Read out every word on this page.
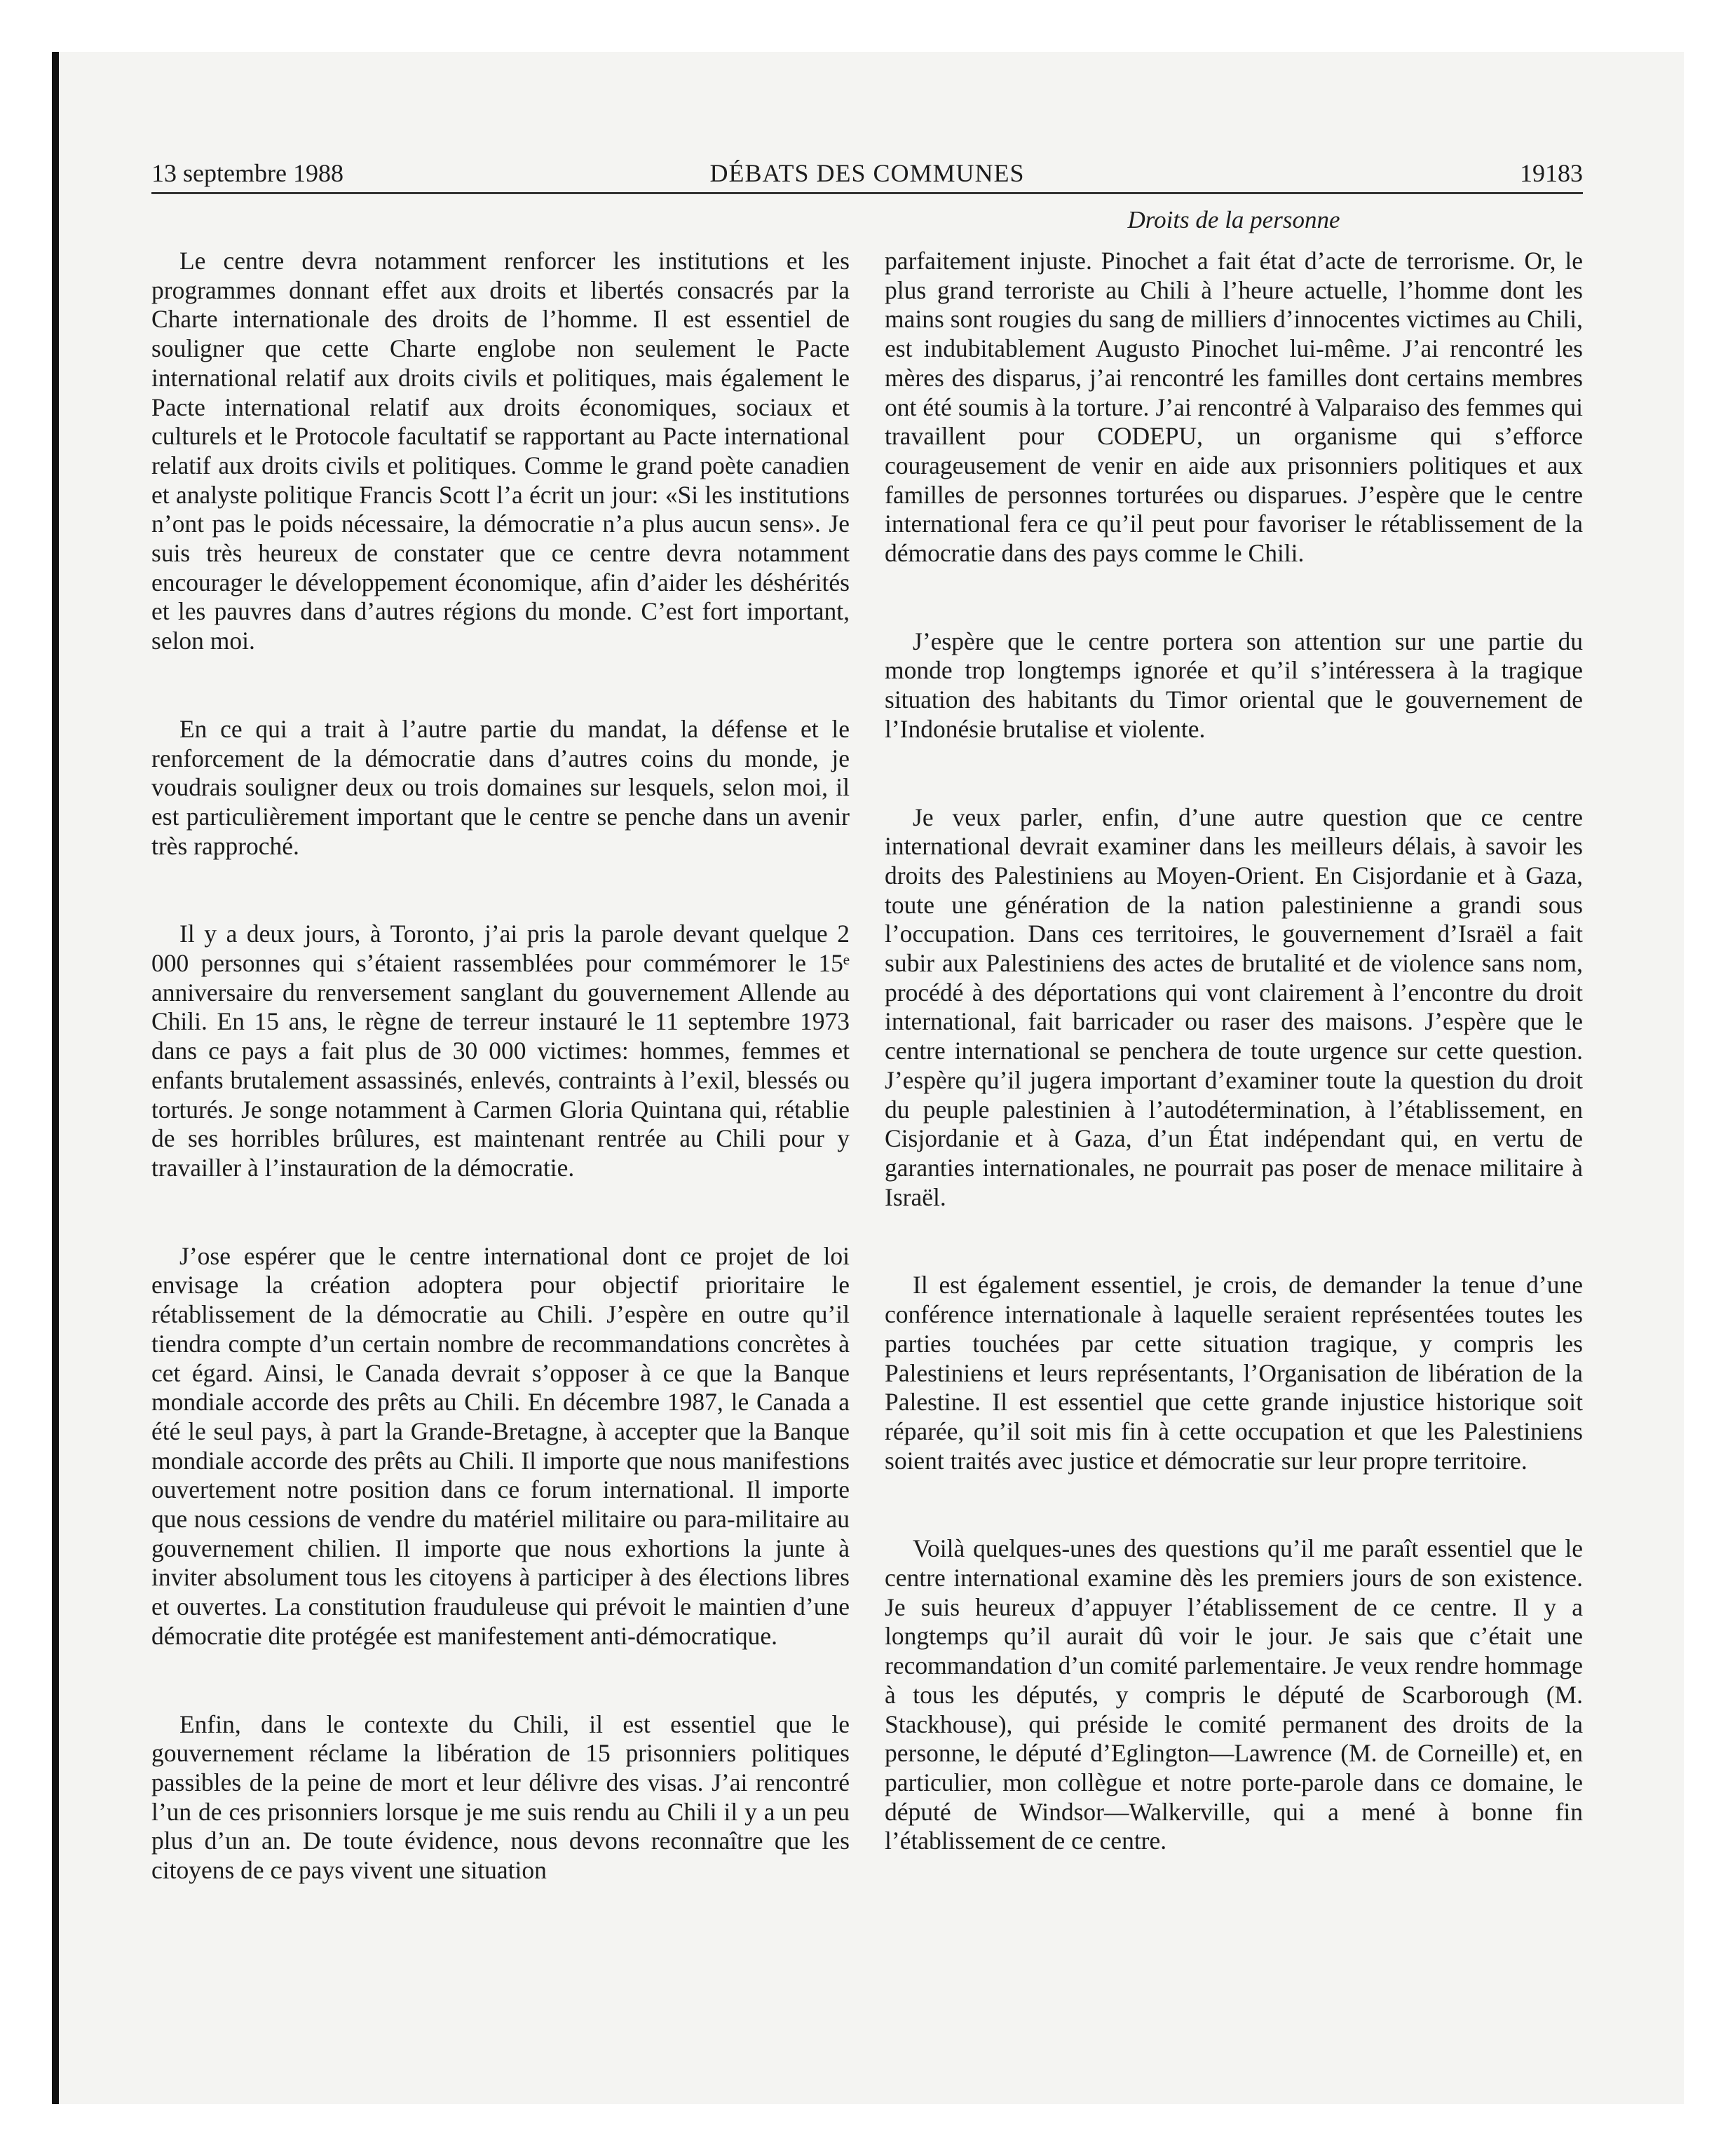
13 septembre 1988	DÉBATS DES COMMUNES	19183
Droits de la personne

Le centre devra notamment renforcer les institutions et les programmes donnant effet aux droits et libertés consacrés par la Charte internationale des droits de l’homme. Il est essentiel de souligner que cette Charte englobe non seulement le Pacte international relatif aux droits civils et politiques, mais également le Pacte international relatif aux droits économiques, sociaux et culturels et le Protocole facultatif se rapportant au Pacte international relatif aux droits civils et politiques. Comme le grand poète canadien et analyste politique Francis Scott l’a écrit un jour: «Si les institutions n’ont pas le poids nécessaire, la démocratie n’a plus aucun sens». Je suis très heureux de constater que ce centre devra notamment encourager le développement économique, afin d’aider les déshérités et les pauvres dans d’autres régions du monde. C’est fort important, selon moi.

En ce qui a trait à l’autre partie du mandat, la défense et le renforcement de la démocratie dans d’autres coins du monde, je voudrais souligner deux ou trois domaines sur lesquels, selon moi, il est particulièrement important que le centre se penche dans un avenir très rapproché.

Il y a deux jours, à Toronto, j’ai pris la parole devant quelque 2 000 personnes qui s’étaient rassemblées pour commémorer le 15ᵉ anniversaire du renversement sanglant du gouvernement Allende au Chili. En 15 ans, le règne de terreur instauré le 11 septembre 1973 dans ce pays a fait plus de 30 000 victimes: hommes, femmes et enfants brutalement assassinés, enlevés, contraints à l’exil, blessés ou torturés. Je songe notamment à Carmen Gloria Quintana qui, rétablie de ses horribles brûlures, est maintenant rentrée au Chili pour y travailler à l’instauration de la démocratie.

J’ose espérer que le centre international dont ce projet de loi envisage la création adoptera pour objectif prioritaire le rétablissement de la démocratie au Chili. J’espère en outre qu’il tiendra compte d’un certain nombre de recommandations concrètes à cet égard. Ainsi, le Canada devrait s’opposer à ce que la Banque mondiale accorde des prêts au Chili. En décembre 1987, le Canada a été le seul pays, à part la Grande-Bretagne, à accepter que la Banque mondiale accorde des prêts au Chili. Il importe que nous manifestions ouvertement notre position dans ce forum international. Il importe que nous cessions de vendre du matériel militaire ou para-militaire au gouvernement chilien. Il importe que nous exhortions la junte à inviter absolument tous les citoyens à participer à des élections libres et ouvertes. La constitution frauduleuse qui prévoit le maintien d’une démocratie dite protégée est manifestement anti-démocratique.

Enfin, dans le contexte du Chili, il est essentiel que le gouvernement réclame la libération de 15 prisonniers politiques passibles de la peine de mort et leur délivre des visas. J’ai rencontré l’un de ces prisonniers lorsque je me suis rendu au Chili il y a un peu plus d’un an. De toute évidence, nous devons reconnaître que les citoyens de ce pays vivent une situation

parfaitement injuste. Pinochet a fait état d’acte de terrorisme. Or, le plus grand terroriste au Chili à l’heure actuelle, l’homme dont les mains sont rougies du sang de milliers d’innocentes victimes au Chili, est indubitablement Augusto Pinochet lui-même. J’ai rencontré les mères des disparus, j’ai rencontré les familles dont certains membres ont été soumis à la torture. J’ai rencontré à Valparaiso des femmes qui travaillent pour CODEPU, un organisme qui s’efforce courageusement de venir en aide aux prisonniers politiques et aux familles de personnes torturées ou disparues. J’espère que le centre international fera ce qu’il peut pour favoriser le rétablissement de la démocratie dans des pays comme le Chili.

J’espère que le centre portera son attention sur une partie du monde trop longtemps ignorée et qu’il s’intéressera à la tragique situation des habitants du Timor oriental que le gouvernement de l’Indonésie brutalise et violente.

Je veux parler, enfin, d’une autre question que ce centre international devrait examiner dans les meilleurs délais, à savoir les droits des Palestiniens au Moyen-Orient. En Cisjordanie et à Gaza, toute une génération de la nation palestinienne a grandi sous l’occupation. Dans ces territoires, le gouvernement d’Israël a fait subir aux Palestiniens des actes de brutalité et de violence sans nom, procédé à des déportations qui vont clairement à l’encontre du droit international, fait barricader ou raser des maisons. J’espère que le centre international se penchera de toute urgence sur cette question. J’espère qu’il jugera important d’examiner toute la question du droit du peuple palestinien à l’autodétermination, à l’établissement, en Cisjordanie et à Gaza, d’un État indépendant qui, en vertu de garanties internationales, ne pourrait pas poser de menace militaire à Israël.

Il est également essentiel, je crois, de demander la tenue d’une conférence internationale à laquelle seraient représentées toutes les parties touchées par cette situation tragique, y compris les Palestiniens et leurs représentants, l’Organisation de libération de la Palestine. Il est essentiel que cette grande injustice historique soit réparée, qu’il soit mis fin à cette occupation et que les Palestiniens soient traités avec justice et démocratie sur leur propre territoire.

Voilà quelques-unes des questions qu’il me paraît essentiel que le centre international examine dès les premiers jours de son existence. Je suis heureux d’appuyer l’établissement de ce centre. Il y a longtemps qu’il aurait dû voir le jour. Je sais que c’était une recommandation d’un comité parlementaire. Je veux rendre hommage à tous les députés, y compris le député de Scarborough (M. Stackhouse), qui préside le comité permanent des droits de la personne, le député d’Eglington—Lawrence (M. de Corneille) et, en particulier, mon collègue et notre porte-parole dans ce domaine, le député de Windsor—Walkerville, qui a mené à bonne fin l’établissement de ce centre.
